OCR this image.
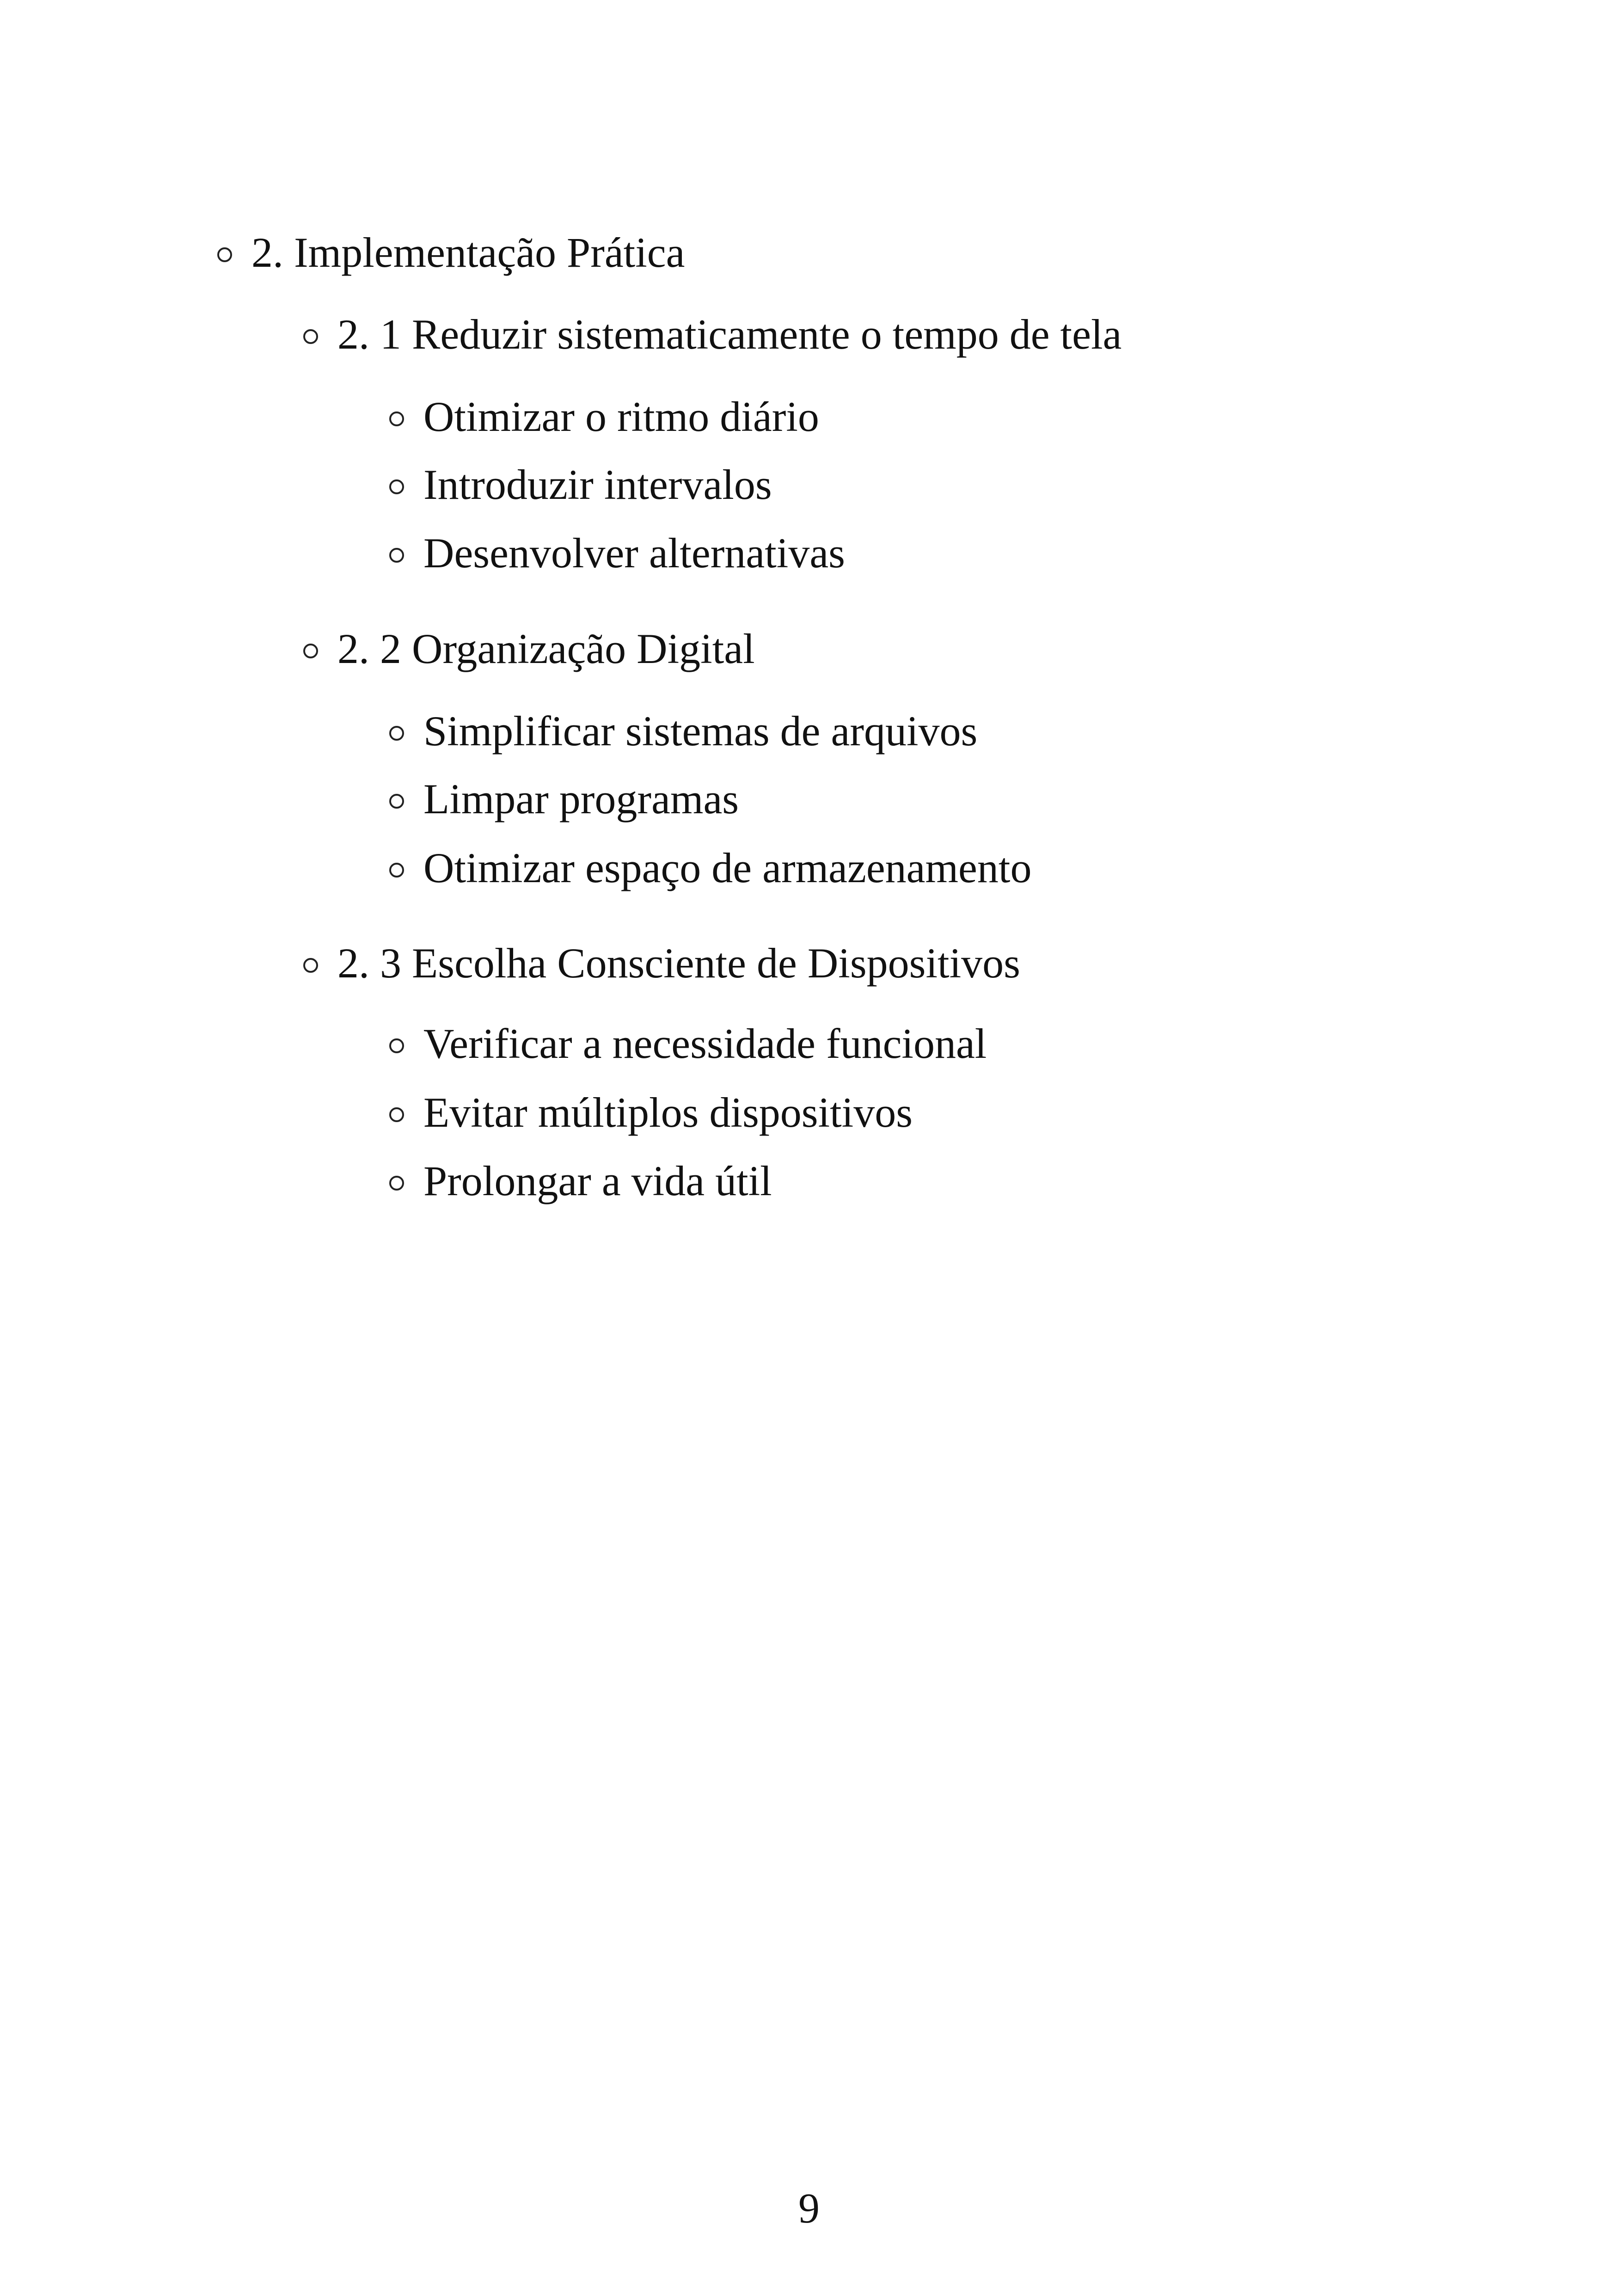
2. Implementação Prática
2. 1 Reduzir sistematicamente o tempo de tela
Otimizar o ritmo diário
Introduzir intervalos
Desenvolver alternativas
2. 2 Organização Digital
Simplificar sistemas de arquivos
Limpar programas
Otimizar espaço de armazenamento
2. 3 Escolha Consciente de Dispositivos
Verificar a necessidade funcional
Evitar múltiplos dispositivos
Prolongar a vida útil
9
